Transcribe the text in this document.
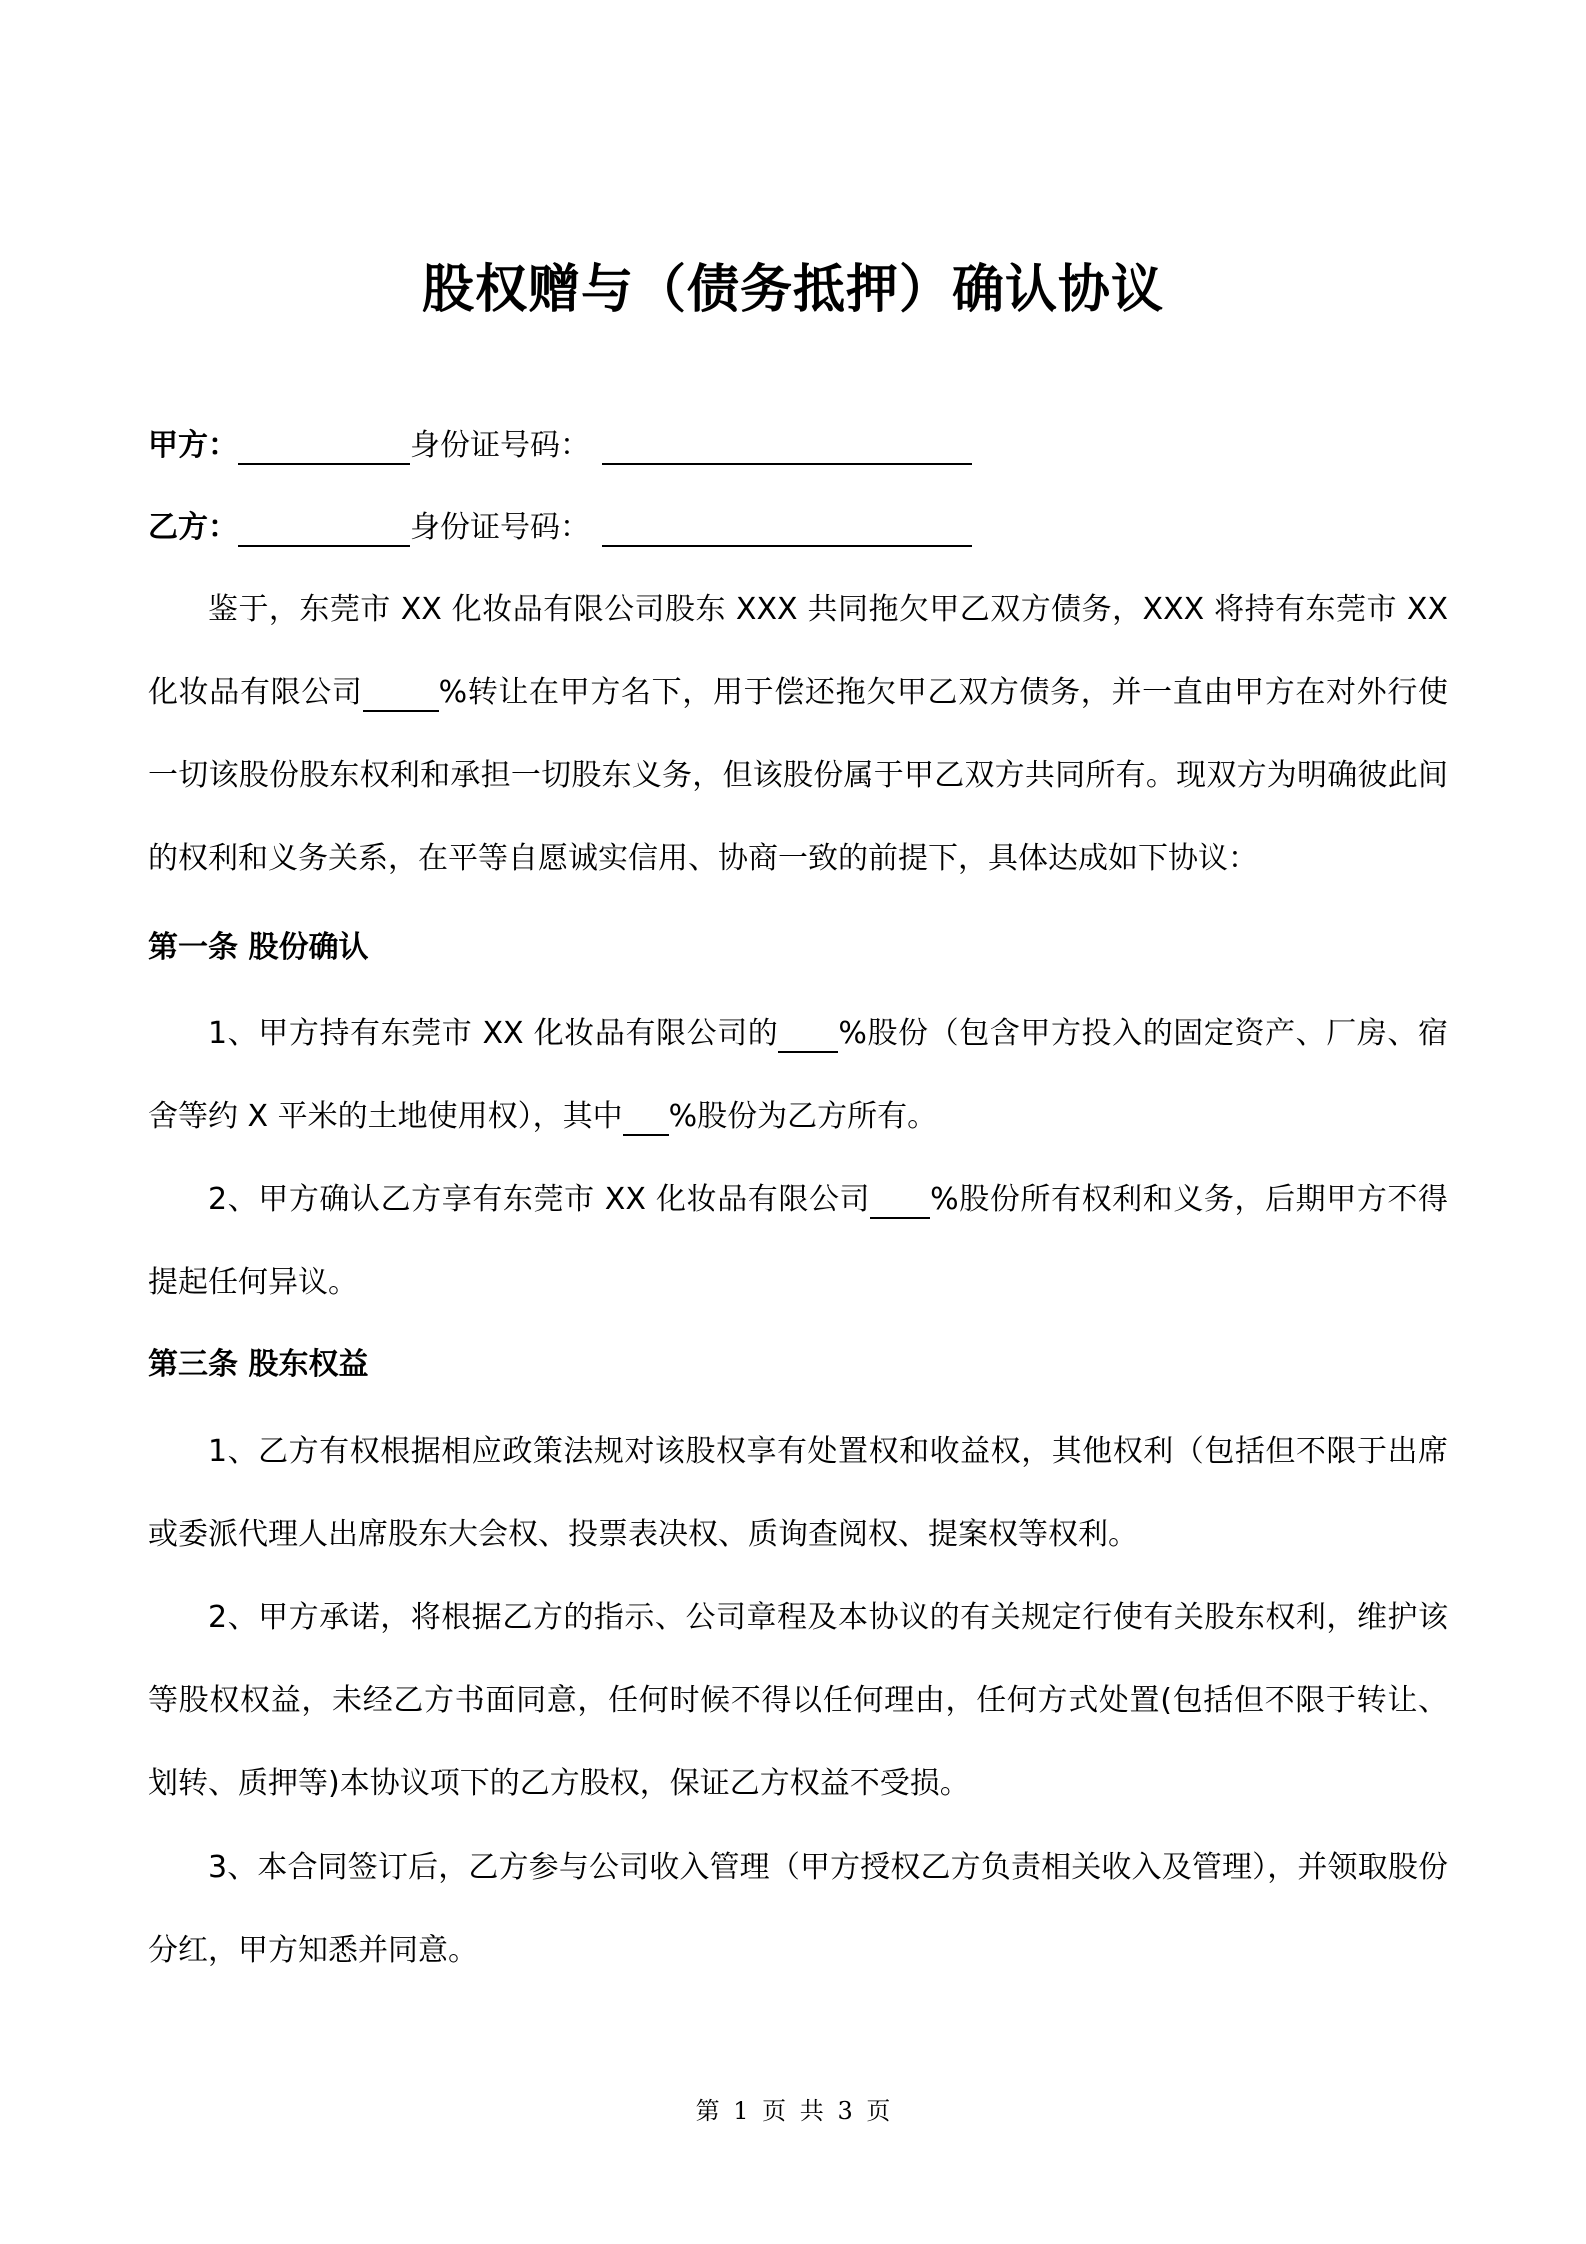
股权赠与（债务抵押）确认协议
甲方：	身份证号码：
乙方：	身份证号码：

鉴于，东莞市 XX 化妆品有限公司股东 XXX 共同拖欠甲乙双方债务，XXX 将持有东莞市 XX 化妆品有限公司	%转让在甲方名下，用于偿还拖欠甲乙双方债务，并一直由甲方在对外行使一切该股份股东权利和承担一切股东义务，但该股份属于甲乙双方共同所有。现双方为明确彼此间的权利和义务关系，在平等自愿诚实信用、协商一致的前提下，具体达成如下协议：

第一条 股份确认

1、甲方持有东莞市 XX 化妆品有限公司的 %股份（包含甲方投入的固定资产、厂房、宿舍等约 X 平米的土地使用权），其中 %股份为乙方所有。

2、甲方确认乙方享有东莞市 XX 化妆品有限公司 %股份所有权利和义务，后期甲方不得提起任何异议。

第三条 股东权益

1、乙方有权根据相应政策法规对该股权享有处置权和收益权，其他权利（包括但不限于出席或委派代理人出席股东大会权、投票表决权、质询查阅权、提案权等权利。

2、甲方承诺，将根据乙方的指示、公司章程及本协议的有关规定行使有关股东权利，维护该等股权权益，未经乙方书面同意，任何时候不得以任何理由，任何方式处置(包括但不限于转让、划转、质押等)本协议项下的乙方股权，保证乙方权益不受损。

3、本合同签订后，乙方参与公司收入管理（甲方授权乙方负责相关收入及管理），并领取股份分红，甲方知悉并同意。

第 1 页 共 3 页
